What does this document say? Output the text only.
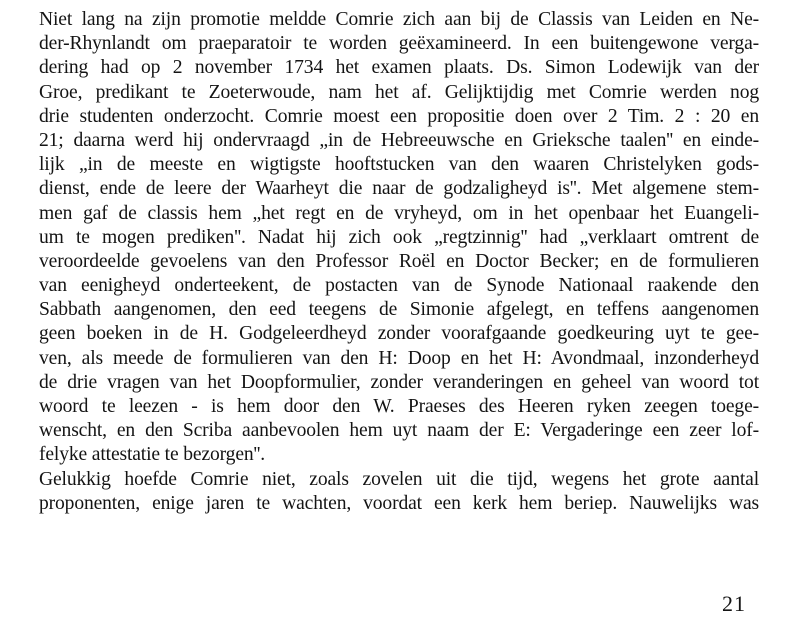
Niet lang na zijn promotie meldde Comrie zich aan bij de Classis van Leiden en Ne-
der-Rhynlandt om praeparatoir te worden geëxamineerd. In een buitengewone verga-
dering had op 2 november 1734 het examen plaats. Ds. Simon Lodewijk van der
Groe, predikant te Zoeterwoude, nam het af. Gelijktijdig met Comrie werden nog
drie studenten onderzocht. Comrie moest een propositie doen over 2 Tim. 2 : 20 en
21; daarna werd hij ondervraagd „in de Hebreeuwsche en Grieksche taalen'' en einde-
lijk „in de meeste en wigtigste hooftstucken van den waaren Christelyken gods-
dienst, ende de leere der Waarheyt die naar de godzaligheyd is''. Met algemene stem-
men gaf de classis hem „het regt en de vryheyd, om in het openbaar het Euangeli-
um te mogen prediken''. Nadat hij zich ook „regtzinnig'' had „verklaart omtrent de
veroordeelde gevoelens van den Professor Roël en Doctor Becker; en de formulieren
van eenigheyd onderteekent, de postacten van de Synode Nationaal raakende den
Sabbath aangenomen, den eed teegens de Simonie afgelegt, en teffens aangenomen
geen boeken in de H. Godgeleerdheyd zonder voorafgaande goedkeuring uyt te gee-
ven, als meede de formulieren van den H: Doop en het H: Avondmaal, inzonderheyd
de drie vragen van het Doopformulier, zonder veranderingen en geheel van woord tot
woord te leezen - is hem door den W. Praeses des Heeren ryken zeegen toege-
wenscht, en den Scriba aanbevoolen hem uyt naam der E: Vergaderinge een zeer lof-
felyke attestatie te bezorgen''.
Gelukkig hoefde Comrie niet, zoals zovelen uit die tijd, wegens het grote aantal
proponenten, enige jaren te wachten, voordat een kerk hem beriep. Nauwelijks was
21
